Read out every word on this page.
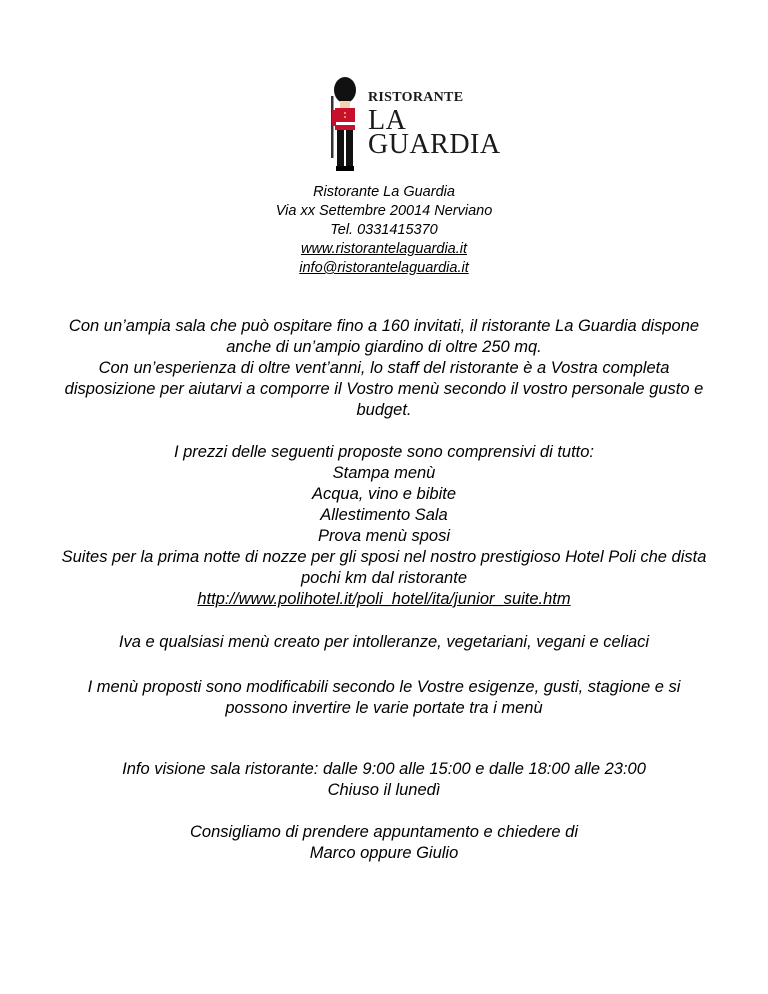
RISTORANTE
LA
GUARDIA
Ristorante La Guardia
Via xx Settembre 20014 Nerviano
Tel. 0331415370
www.ristorantelaguardia.it
info@ristorantelaguardia.it
Con un’ampia sala che può ospitare fino a 160 invitati, il ristorante La Guardia dispone
anche di un’ampio giardino di oltre 250 mq.
Con un’esperienza di oltre vent’anni, lo staff del ristorante è a Vostra completa
disposizione per aiutarvi a comporre il Vostro menù secondo il vostro personale gusto e
budget.
I prezzi delle seguenti proposte sono comprensivi di tutto:
Stampa menù
Acqua, vino e bibite
Allestimento Sala
Prova menù sposi
Suites per la prima notte di nozze per gli sposi nel nostro prestigioso Hotel Poli che dista
pochi km dal ristorante
http://www.polihotel.it/poli_hotel/ita/junior_suite.htm
Iva e qualsiasi menù creato per intolleranze, vegetariani, vegani e celiaci
I menù proposti sono modificabili secondo le Vostre esigenze, gusti, stagione e si
possono invertire le varie portate tra i menù
Info visione sala ristorante: dalle 9:00 alle 15:00 e dalle 18:00 alle 23:00
Chiuso il lunedì
Consigliamo di prendere appuntamento e chiedere di
Marco oppure Giulio
